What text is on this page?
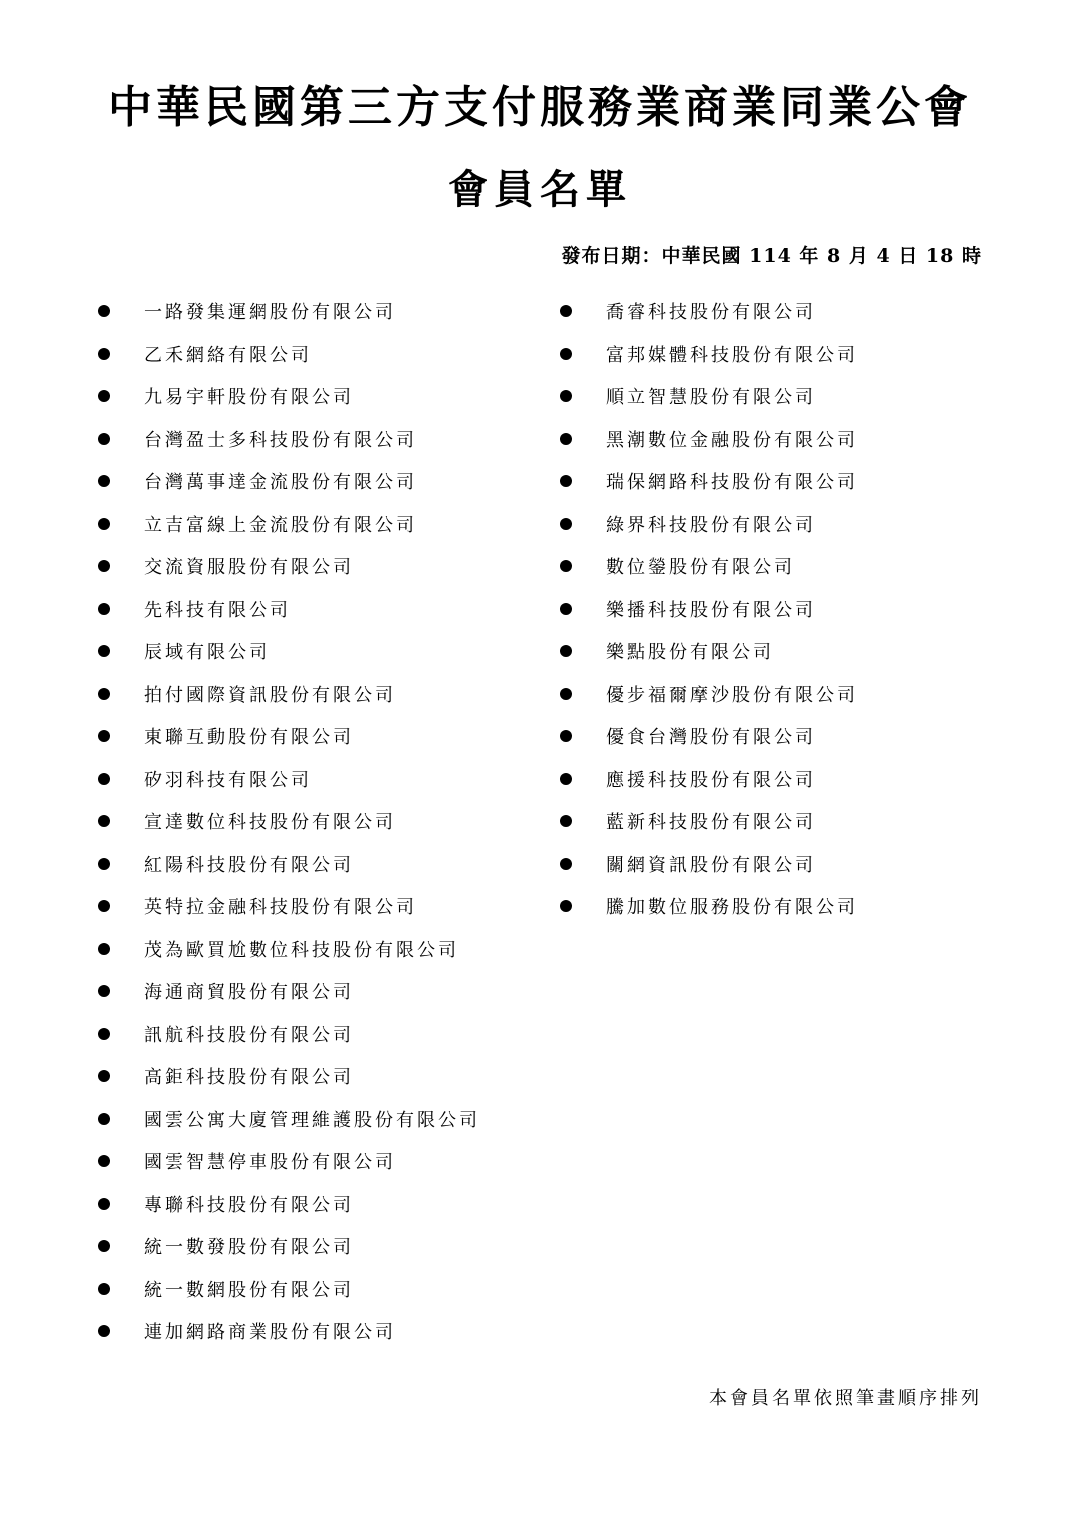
中華民國第三方支付服務業商業同業公會
會員名單
發布日期：中華民國 114 年 8 月 4 日 18 時
一路發集運網股份有限公司
乙禾網絡有限公司
九易宇軒股份有限公司
台灣盈士多科技股份有限公司
台灣萬事達金流股份有限公司
立吉富線上金流股份有限公司
交流資服股份有限公司
先科技有限公司
辰域有限公司
拍付國際資訊股份有限公司
東聯互動股份有限公司
矽羽科技有限公司
宣達數位科技股份有限公司
紅陽科技股份有限公司
英特拉金融科技股份有限公司
茂為歐買尬數位科技股份有限公司
海通商貿股份有限公司
訊航科技股份有限公司
高鉅科技股份有限公司
國雲公寓大廈管理維護股份有限公司
國雲智慧停車股份有限公司
專聯科技股份有限公司
統一數發股份有限公司
統一數網股份有限公司
連加網路商業股份有限公司
喬睿科技股份有限公司
富邦媒體科技股份有限公司
順立智慧股份有限公司
黑潮數位金融股份有限公司
瑞保網路科技股份有限公司
綠界科技股份有限公司
數位鎣股份有限公司
樂播科技股份有限公司
樂點股份有限公司
優步福爾摩沙股份有限公司
優食台灣股份有限公司
應援科技股份有限公司
藍新科技股份有限公司
關網資訊股份有限公司
騰加數位服務股份有限公司
本會員名單依照筆畫順序排列
